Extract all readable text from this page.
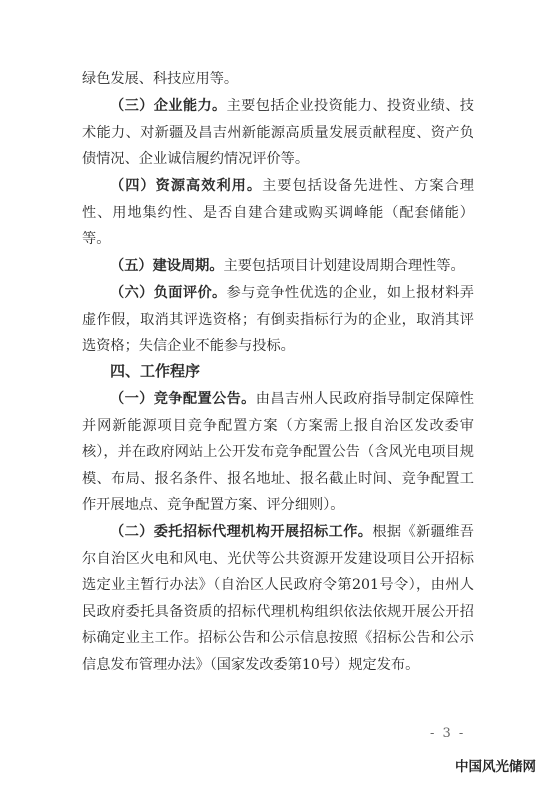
绿色发展、科技应用等。

（三）企业能力。主要包括企业投资能力、投资业绩、技术能力、对新疆及昌吉州新能源高质量发展贡献程度、资产负债情况、企业诚信履约情况评价等。

（四）资源高效利用。主要包括设备先进性、方案合理性、用地集约性、是否自建合建或购买调峰能（配套储能）等。

（五）建设周期。主要包括项目计划建设周期合理性等。

（六）负面评价。参与竞争性优选的企业，如上报材料弄虚作假，取消其评选资格；有倒卖指标行为的企业，取消其评选资格；失信企业不能参与投标。

四、工作程序

（一）竞争配置公告。由昌吉州人民政府指导制定保障性并网新能源项目竞争配置方案（方案需上报自治区发改委审核），并在政府网站上公开发布竞争配置公告（含风光电项目规模、布局、报名条件、报名地址、报名截止时间、竞争配置工作开展地点、竞争配置方案、评分细则）。

（二）委托招标代理机构开展招标工作。根据《新疆维吾尔自治区火电和风电、光伏等公共资源开发建设项目公开招标选定业主暂行办法》（自治区人民政府令第201号令），由州人民政府委托具备资质的招标代理机构组织依法依规开展公开招标确定业主工作。招标公告和公示信息按照《招标公告和公示信息发布管理办法》（国家发改委第10号）规定发布。

- 3 -
中国风光储网
